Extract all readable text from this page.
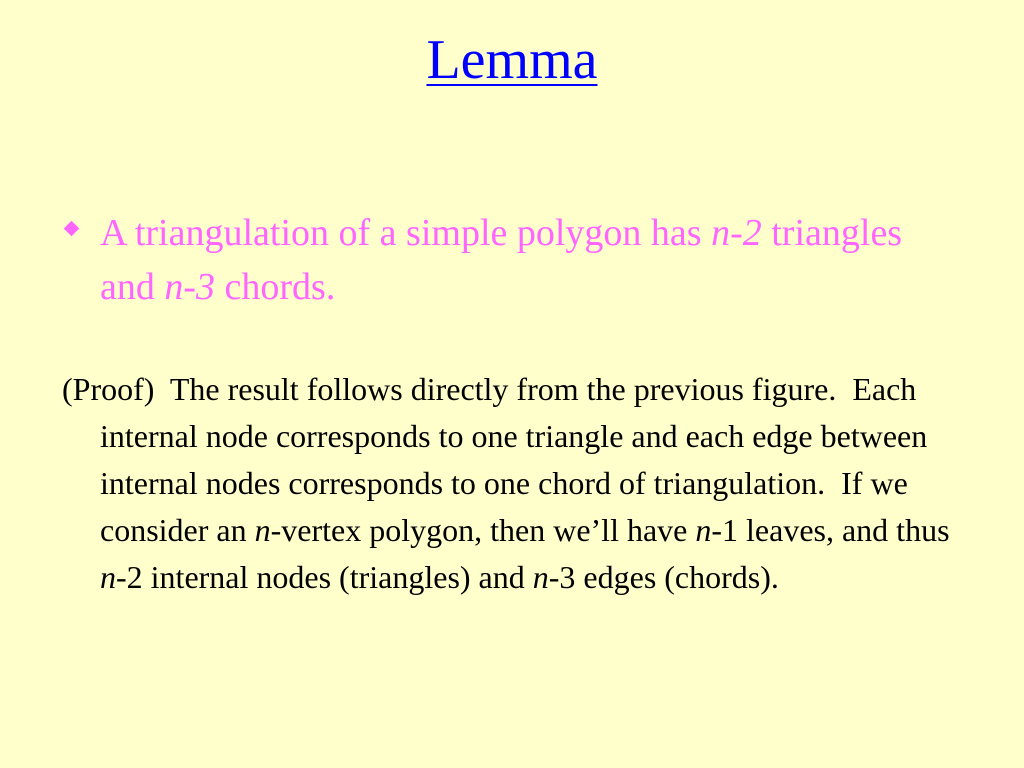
Lemma
A triangulation of a simple polygon has n-2 triangles and n-3 chords.
(Proof) The result follows directly from the previous figure. Each internal node corresponds to one triangle and each edge between internal nodes corresponds to one chord of triangulation. If we consider an n-vertex polygon, then we’ll have n-1 leaves, and thus n-2 internal nodes (triangles) and n-3 edges (chords).
